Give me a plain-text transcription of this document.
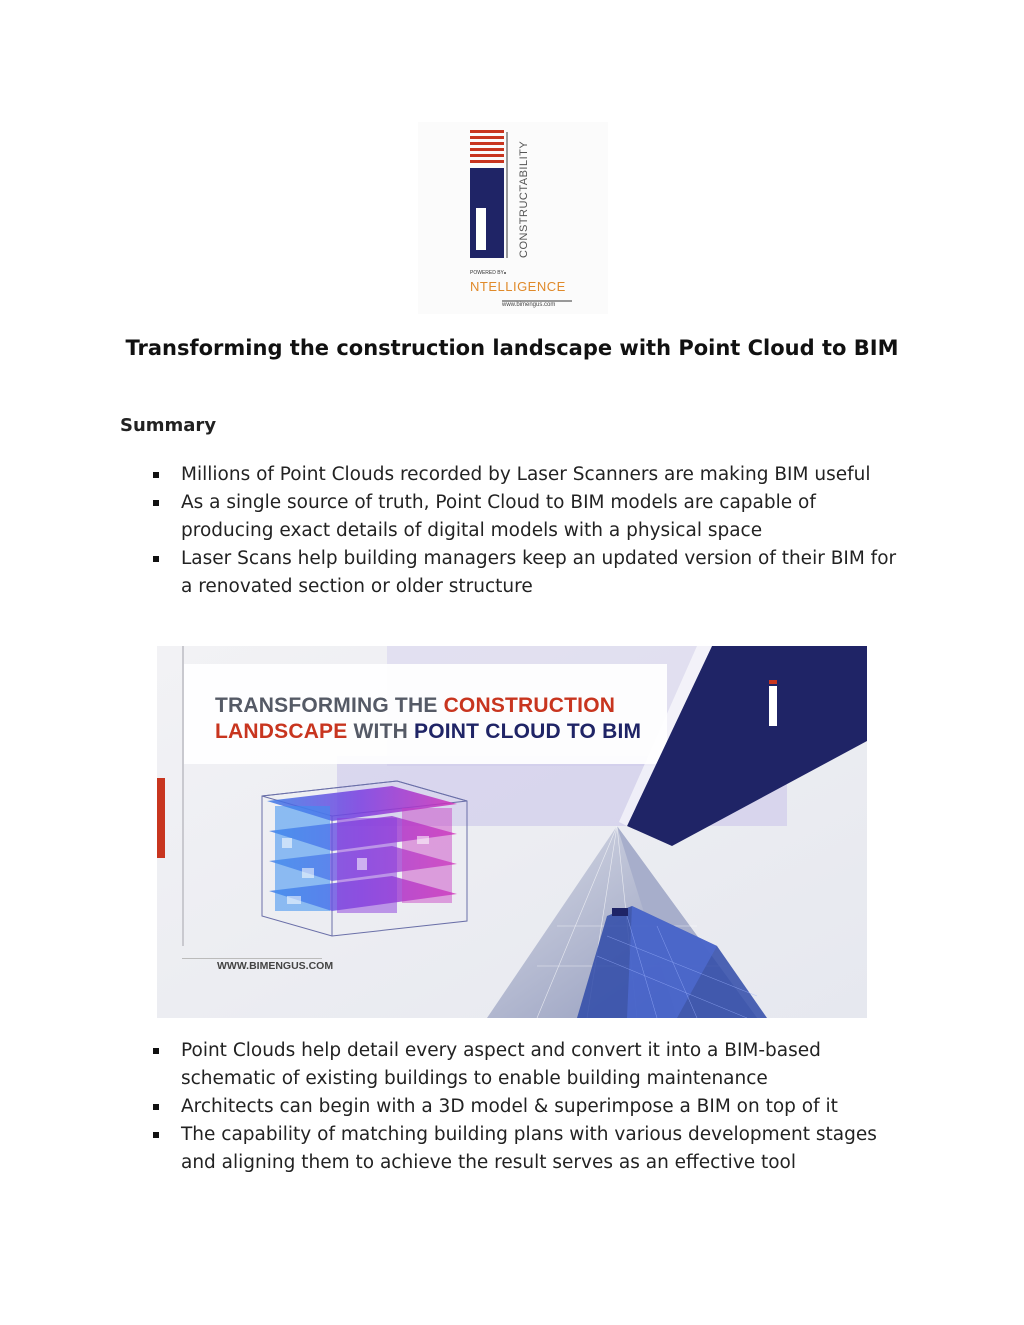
CONSTRUCTABILITY
POWERED BY
NTELLIGENCE
www.bimengus.com
Transforming the construction landscape with Point Cloud to BIM
Summary
Millions of Point Clouds recorded by Laser Scanners are making BIM useful
As a single source of truth, Point Cloud to BIM models are capable of producing exact details of digital models with a physical space
Laser Scans help building managers keep an updated version of their BIM for a renovated section or older structure
TRANSFORMING THE CONSTRUCTION
LANDSCAPE WITH POINT CLOUD TO BIM
WWW.BIMENGUS.COM
Point Clouds help detail every aspect and convert it into a BIM-based schematic of existing buildings to enable building maintenance
Architects can begin with a 3D model & superimpose a BIM on top of it
The capability of matching building plans with various development stages and aligning them to achieve the result serves as an effective tool
